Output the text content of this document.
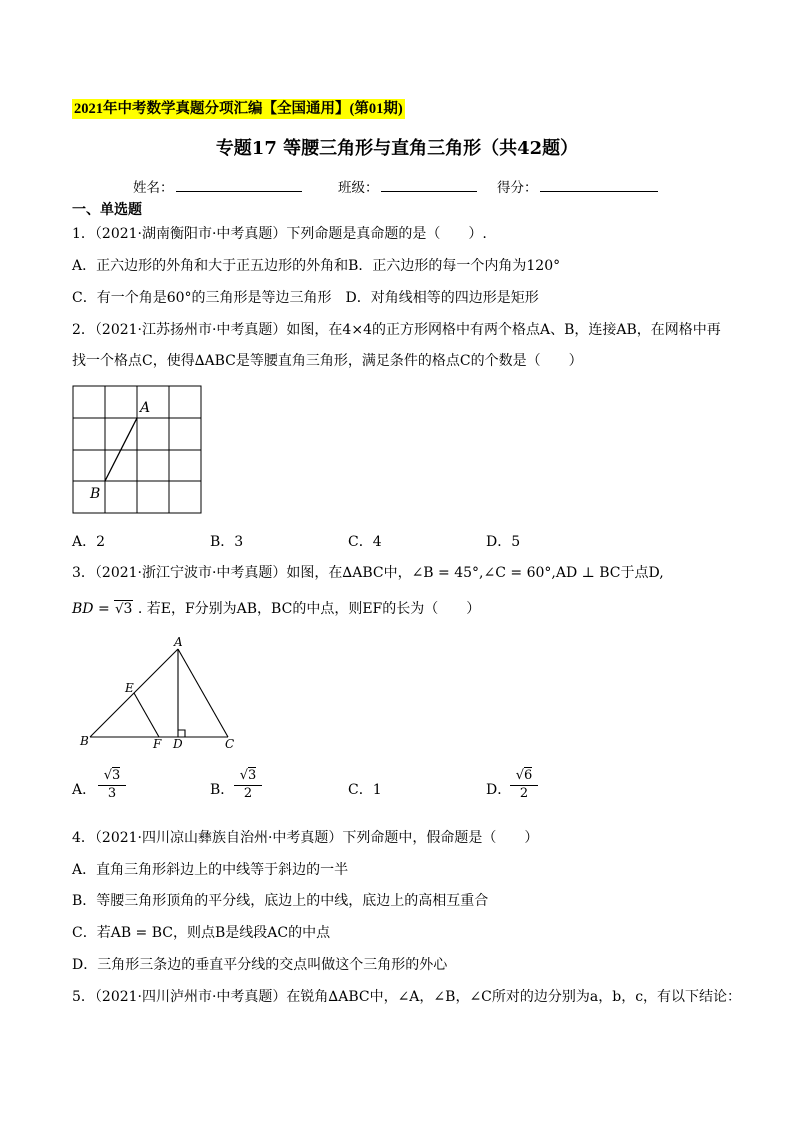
2021年中考数学真题分项汇编【全国通用】(第01期)
专题17 等腰三角形与直角三角形（共42题）
姓名：	班级：	得分：
一、单选题
1．（2021·湖南衡阳市·中考真题）下列命题是真命题的是（　　）.
A．正六边形的外角和大于正五边形的外角和B．正六边形的每一个内角为120°
C．有一个角是60°的三角形是等边三角形　D．对角线相等的四边形是矩形
2．（2021·江苏扬州市·中考真题）如图，在4×4的正方形网格中有两个格点A、B，连接AB，在网格中再
找一个格点C，使得∆ABC是等腰直角三角形，满足条件的格点C的个数是（　　）
A
B
A．2	B．3	C．4	D．5
3．（2021·浙江宁波市·中考真题）如图，在∆ABC中，∠B = 45°,∠C = 60°,AD ⊥ BC于点D,
BD = √3 . 若E，F分别为AB，BC的中点，则EF的长为（　　）
A
B	C
D
E
F
A．
√3
3	B．
√3
2	C．1	D．
√6
2
4．（2021·四川凉山彝族自治州·中考真题）下列命题中，假命题是（　　）
A．直角三角形斜边上的中线等于斜边的一半
B．等腰三角形顶角的平分线，底边上的中线，底边上的高相互重合
C．若AB = BC，则点B是线段AC的中点
D．三角形三条边的垂直平分线的交点叫做这个三角形的外心
5．（2021·四川泸州市·中考真题）在锐角∆ABC中，∠A，∠B，∠C所对的边分别为a，b，c，有以下结论：
